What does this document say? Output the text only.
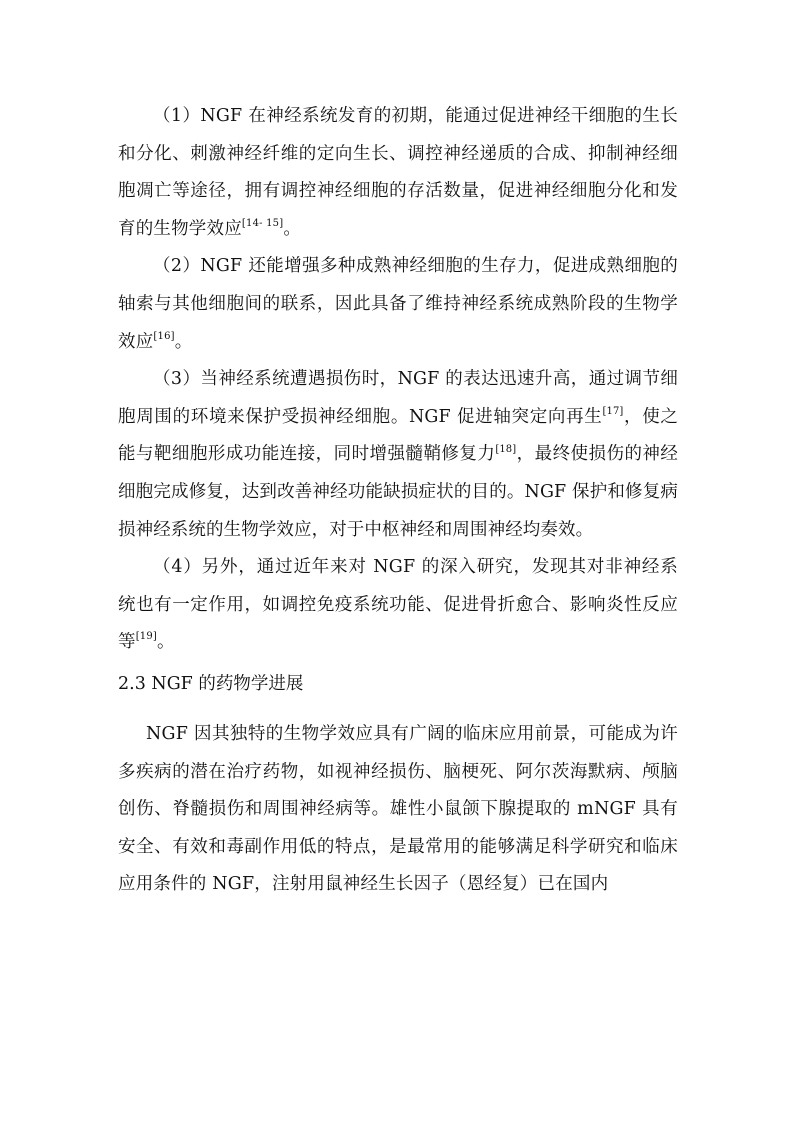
（1）NGF 在神经系统发育的初期，能通过促进神经干细胞的生长和分化、刺激神经纤维的定向生长、调控神经递质的合成、抑制神经细胞凋亡等途径，拥有调控神经细胞的存活数量，促进神经细胞分化和发育的生物学效应[14- 15]。

（2）NGF 还能增强多种成熟神经细胞的生存力，促进成熟细胞的轴索与其他细胞间的联系，因此具备了维持神经系统成熟阶段的生物学效应[16]。

（3）当神经系统遭遇损伤时，NGF 的表达迅速升高，通过调节细胞周围的环境来保护受损神经细胞。NGF 促进轴突定向再生[17]，使之能与靶细胞形成功能连接，同时增强髓鞘修复力[18]，最终使损伤的神经细胞完成修复，达到改善神经功能缺损症状的目的。NGF 保护和修复病损神经系统的生物学效应，对于中枢神经和周围神经均奏效。

（4）另外，通过近年来对 NGF 的深入研究，发现其对非神经系统也有一定作用，如调控免疫系统功能、促进骨折愈合、影响炎性反应等[19]。

2.3 NGF 的药物学进展

NGF 因其独特的生物学效应具有广阔的临床应用前景，可能成为许多疾病的潜在治疗药物，如视神经损伤、脑梗死、阿尔茨海默病、颅脑创伤、脊髓损伤和周围神经病等。雄性小鼠颌下腺提取的 mNGF 具有安全、有效和毒副作用低的特点，是最常用的能够满足科学研究和临床应用条件的 NGF，注射用鼠神经生长因子（恩经复）已在国内
